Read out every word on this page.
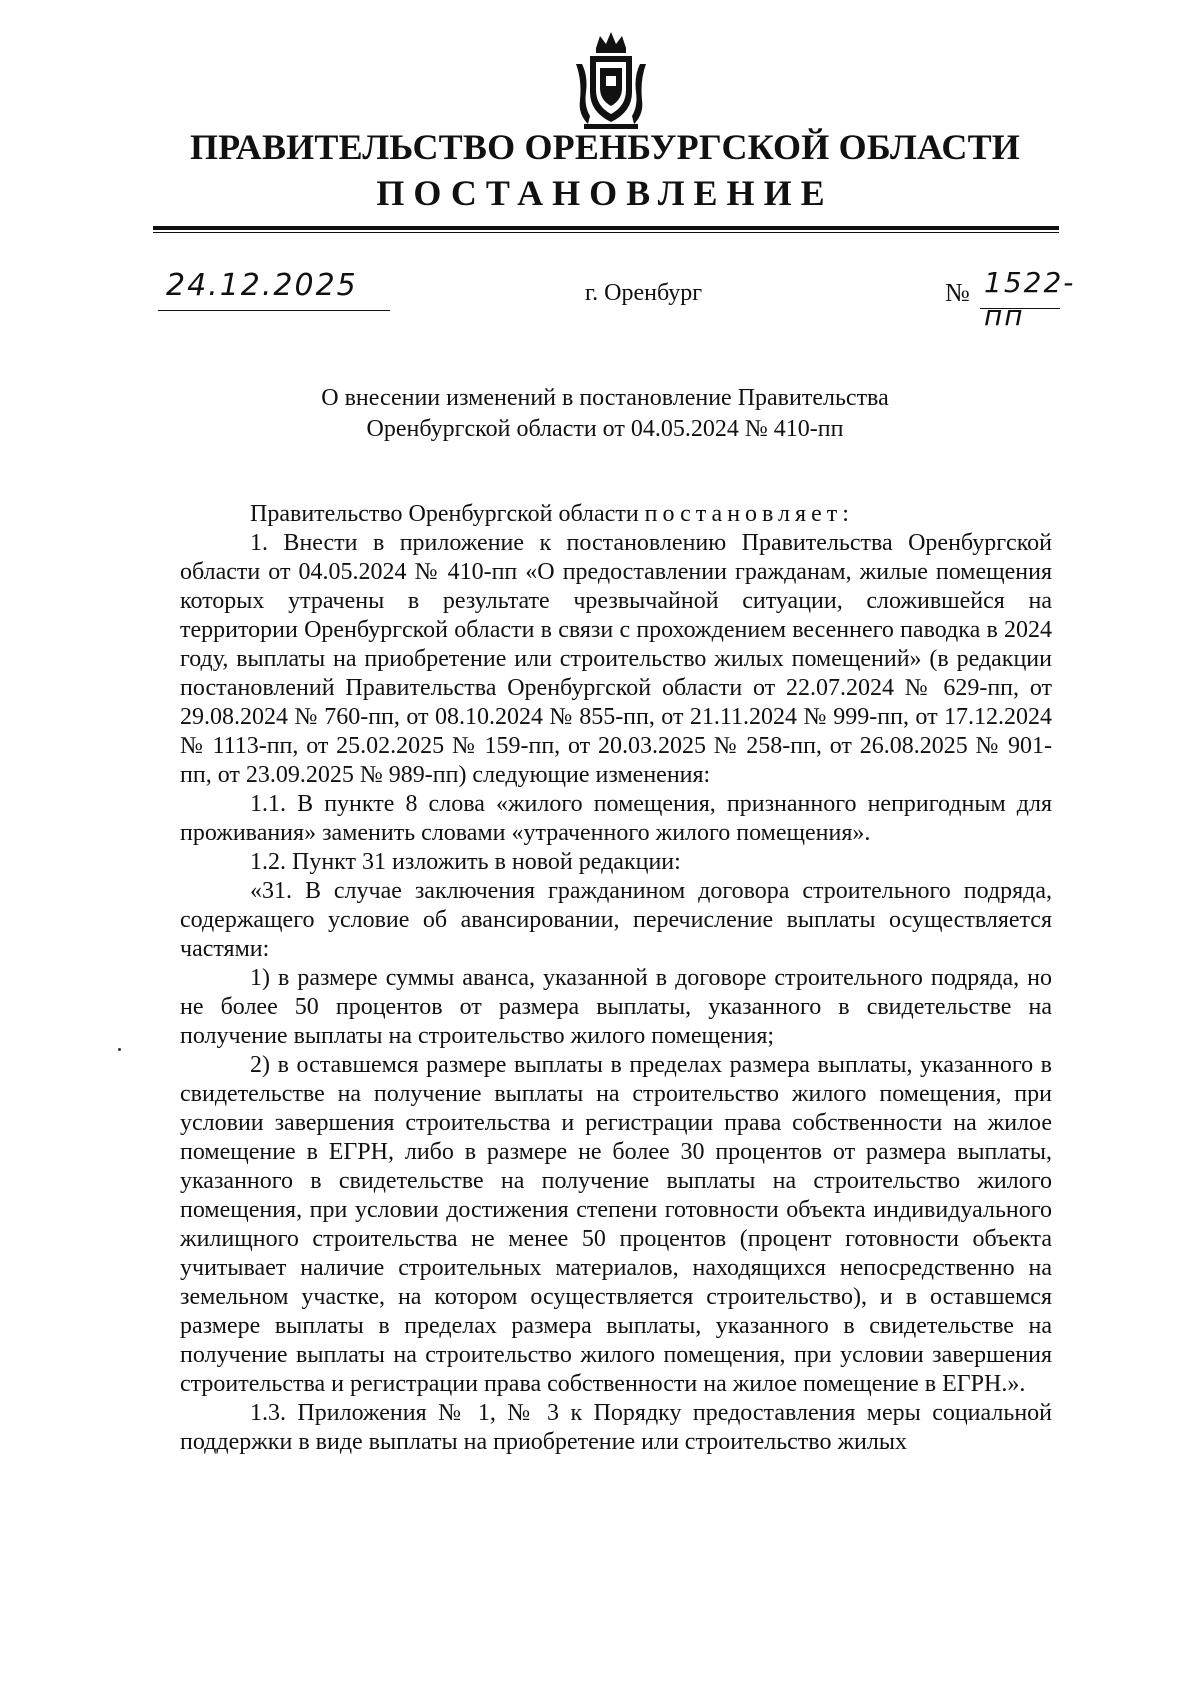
ПРАВИТЕЛЬСТВО ОРЕНБУРГСКОЙ ОБЛАСТИ
ПОСТАНОВЛЕНИЕ
24.12.2025	г. Оренбург	№ 1522-пп
О внесении изменений в постановление Правительства
Оренбургской области от 04.05.2024 № 410-пп

Правительство Оренбургской области постановляет:

1. Внести в приложение к постановлению Правительства Оренбургской области от 04.05.2024 № 410-пп «О предоставлении гражданам, жилые помещения которых утрачены в результате чрезвычайной ситуации, сложившейся на территории Оренбургской области в связи с прохождением весеннего паводка в 2024 году, выплаты на приобретение или строительство жилых помещений» (в редакции постановлений Правительства Оренбургской области от 22.07.2024 № 629-пп, от 29.08.2024 № 760-пп, от 08.10.2024 № 855-пп, от 21.11.2024 № 999-пп, от 17.12.2024 № 1113-пп, от 25.02.2025 № 159-пп, от 20.03.2025 № 258-пп, от 26.08.2025 № 901-пп, от 23.09.2025 № 989-пп) следующие изменения:

1.1. В пункте 8 слова «жилого помещения, признанного непригодным для проживания» заменить словами «утраченного жилого помещения».

1.2. Пункт 31 изложить в новой редакции:

«31. В случае заключения гражданином договора строительного подряда, содержащего условие об авансировании, перечисление выплаты осуществляется частями:

1) в размере суммы аванса, указанной в договоре строительного подряда, но не более 50 процентов от размера выплаты, указанного в свидетельстве на получение выплаты на строительство жилого помещения;

2) в оставшемся размере выплаты в пределах размера выплаты, указанного в свидетельстве на получение выплаты на строительство жилого помещения, при условии завершения строительства и регистрации права собственности на жилое помещение в ЕГРН, либо в размере не более 30 процентов от размера выплаты, указанного в свидетельстве на получение выплаты на строительство жилого помещения, при условии достижения степени готовности объекта индивидуального жилищного строительства не менее 50 процентов (процент готовности объекта учитывает наличие строительных материалов, находящихся непосредственно на земельном участке, на котором осуществляется строительство), и в оставшемся размере выплаты в пределах размера выплаты, указанного в свидетельстве на получение выплаты на строительство жилого помещения, при условии завершения строительства и регистрации права собственности на жилое помещение в ЕГРН.».

1.3. Приложения № 1, № 3 к Порядку предоставления меры социальной поддержки в виде выплаты на приобретение или строительство жилых
